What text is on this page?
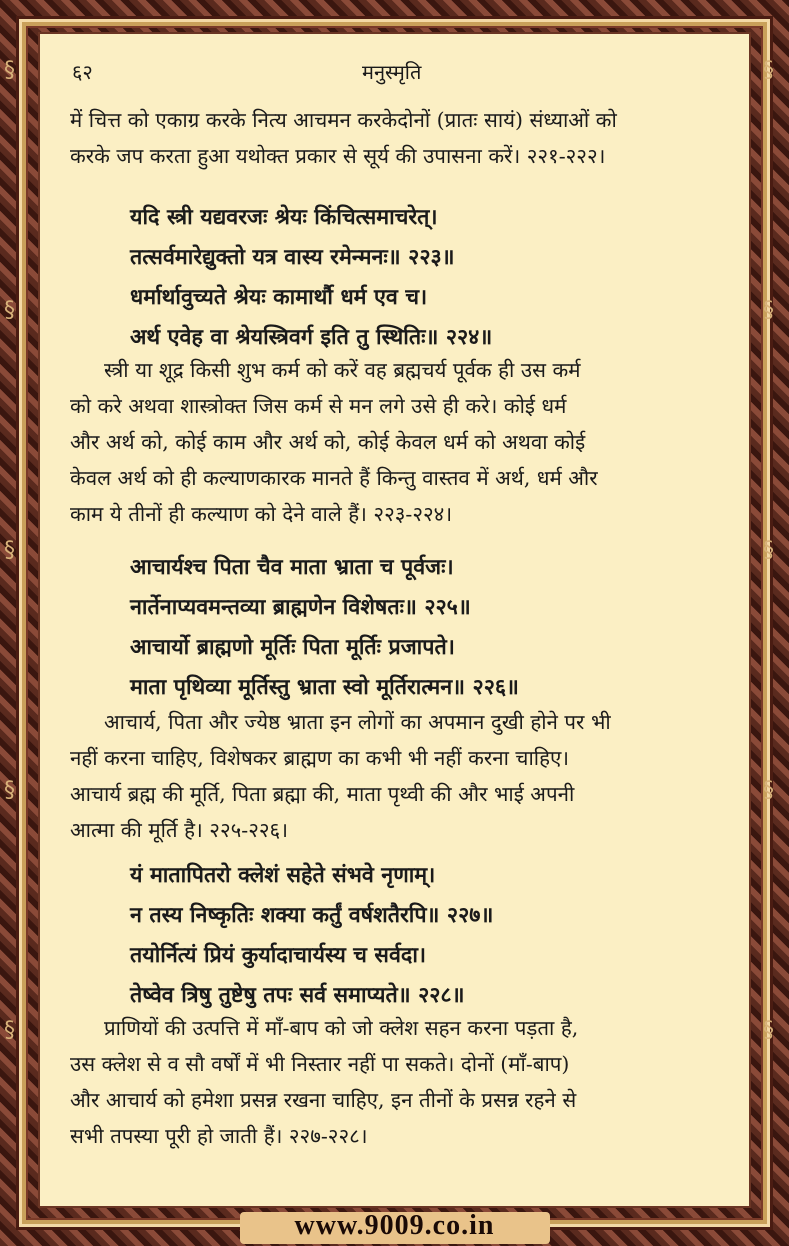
§
§
§
§
§
§
§
§
§
§
६२	मनुस्मृति
में चित्त को एकाग्र करके नित्य आचमन करकेदोनों (प्रातः सायं) संध्याओं को
करके जप करता हुआ यथोक्त प्रकार से सूर्य की उपासना करें। २२१-२२२।
यदि स्त्री यद्यवरजः श्रेयः किंचित्समाचरेत्।
तत्सर्वमारेद्युक्तो यत्र वास्य रमेन्मनः॥ २२३॥
धर्मार्थावुच्यते श्रेयः कामार्थौ धर्म एव च।
अर्थ एवेह वा श्रेयस्त्रिवर्ग इति तु स्थितिः॥ २२४॥
स्त्री या शूद्र किसी शुभ कर्म को करें वह ब्रह्मचर्य पूर्वक ही उस कर्म
को करे अथवा शास्त्रोक्त जिस कर्म से मन लगे उसे ही करे। कोई धर्म
और अर्थ को, कोई काम और अर्थ को, कोई केवल धर्म को अथवा कोई
केवल अर्थ को ही कल्याणकारक मानते हैं किन्तु वास्तव में अर्थ, धर्म और
काम ये तीनों ही कल्याण को देने वाले हैं। २२३-२२४।
आचार्यश्च पिता चैव माता भ्राता च पूर्वजः।
नार्तेनाप्यवमन्तव्या ब्राह्मणेन विशेषतः॥ २२५॥
आचार्यो ब्राह्मणो मूर्तिः पिता मूर्तिः प्रजापते।
माता पृथिव्या मूर्तिस्तु भ्राता स्वो मूर्तिरात्मन॥ २२६॥
आचार्य, पिता और ज्येष्ठ भ्राता इन लोगों का अपमान दुखी होने पर भी
नहीं करना चाहिए, विशेषकर ब्राह्मण का कभी भी नहीं करना चाहिए।
आचार्य ब्रह्म की मूर्ति, पिता ब्रह्मा की, माता पृथ्वी की और भाई अपनी
आत्मा की मूर्ति है। २२५-२२६।
यं मातापितरो क्लेशं सहेते संभवे नृणाम्।
न तस्य निष्कृतिः शक्या कर्तुं वर्षशतैरपि॥ २२७॥
तयोर्नित्यं प्रियं कुर्यादाचार्यस्य च सर्वदा।
तेष्वेव त्रिषु तुष्टेषु तपः सर्व समाप्यते॥ २२८॥
प्राणियों की उत्पत्ति में माँ-बाप को जो क्लेश सहन करना पड़ता है,
उस क्लेश से व सौ वर्षों में भी निस्तार नहीं पा सकते। दोनों (माँ-बाप)
और आचार्य को हमेशा प्रसन्न रखना चाहिए, इन तीनों के प्रसन्न रहने से
सभी तपस्या पूरी हो जाती हैं। २२७-२२८।
www.9009.co.in
